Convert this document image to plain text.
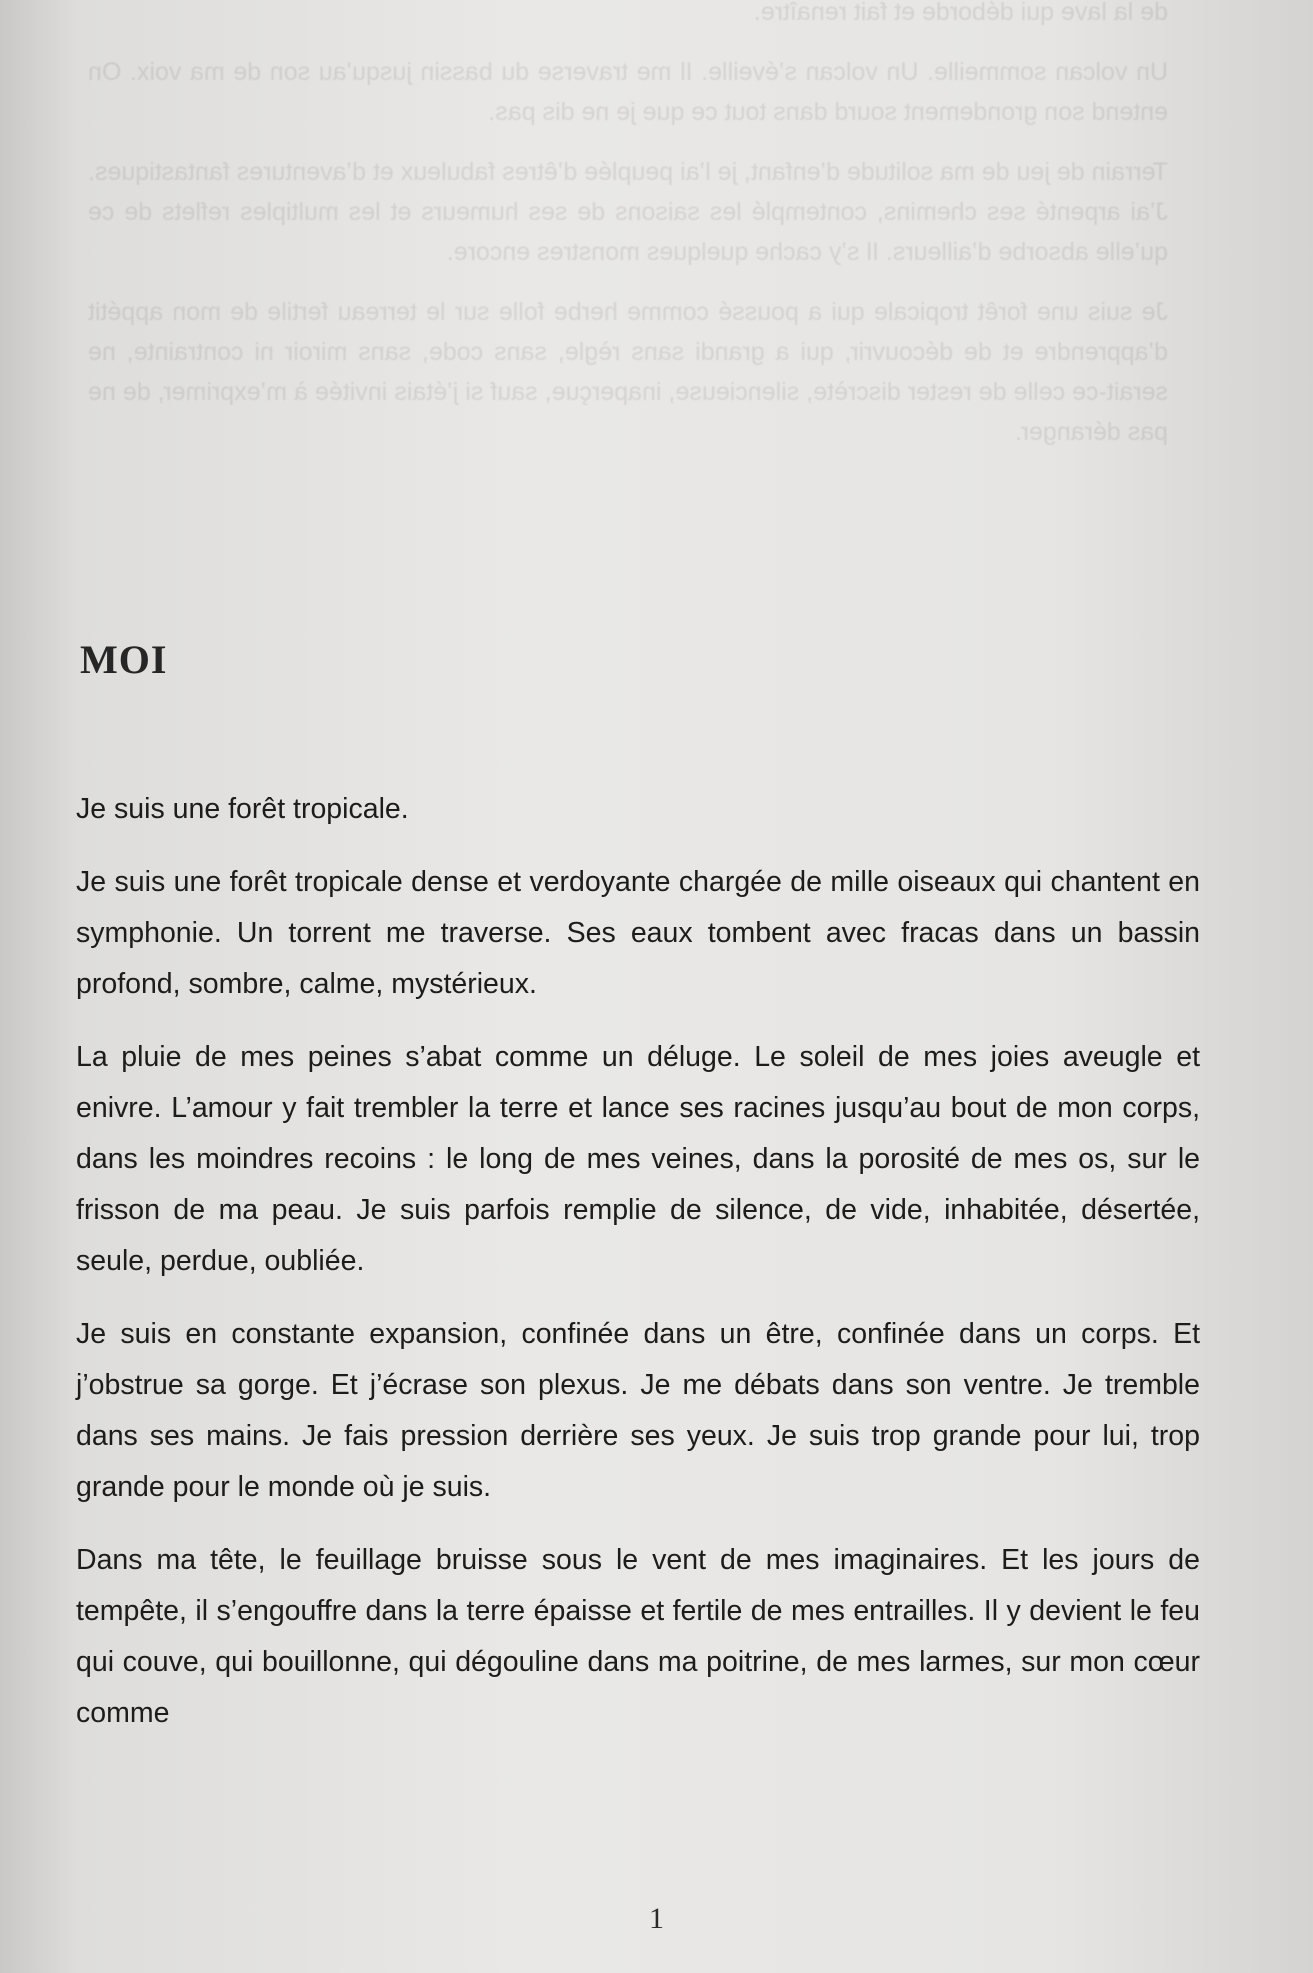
de la lave qui déborde et fait renaître.

Un volcan sommeille. Un volcan s’éveille. Il me traverse du bassin jusqu’au son de ma voix. On entend son grondement sourd dans tout ce que je ne dis pas.

Terrain de jeu de ma solitude d’enfant, je l’ai peuplée d’êtres fabuleux et d’aventures fantastiques. J’ai arpenté ses chemins, contemplé les saisons de ses humeurs et les multiples reflets de ce qu’elle absorbe d’ailleurs. Il s’y cache quelques monstres encore.

Je suis une forêt tropicale qui a poussé comme herbe folle sur le terreau fertile de mon appétit d’apprendre et de découvrir, qui a grandi sans règle, sans code, sans miroir ni contrainte, ne serait-ce celle de rester discrète, silencieuse, inaperçue, sauf si j’étais invitée à m’exprimer, de ne pas déranger.

MOI

Je suis une forêt tropicale.

Je suis une forêt tropicale dense et verdoyante chargée de mille oiseaux qui chantent en symphonie. Un torrent me traverse. Ses eaux tombent avec fracas dans un bassin profond, sombre, calme, mystérieux.

La pluie de mes peines s’abat comme un déluge. Le soleil de mes joies aveugle et enivre. L’amour y fait trembler la terre et lance ses racines jusqu’au bout de mon corps, dans les moindres recoins : le long de mes veines, dans la porosité de mes os, sur le frisson de ma peau. Je suis parfois remplie de silence, de vide, inhabitée, désertée, seule, perdue, oubliée.

Je suis en constante expansion, confinée dans un être, confinée dans un corps. Et j’obstrue sa gorge. Et j’écrase son plexus. Je me débats dans son ventre. Je tremble dans ses mains. Je fais pression derrière ses yeux. Je suis trop grande pour lui, trop grande pour le monde où je suis.

Dans ma tête, le feuillage bruisse sous le vent de mes imaginaires. Et les jours de tempête, il s’engouffre dans la terre épaisse et fertile de mes entrailles. Il y devient le feu qui couve, qui bouillonne, qui dégouline dans ma poitrine, de mes larmes, sur mon cœur comme

1
